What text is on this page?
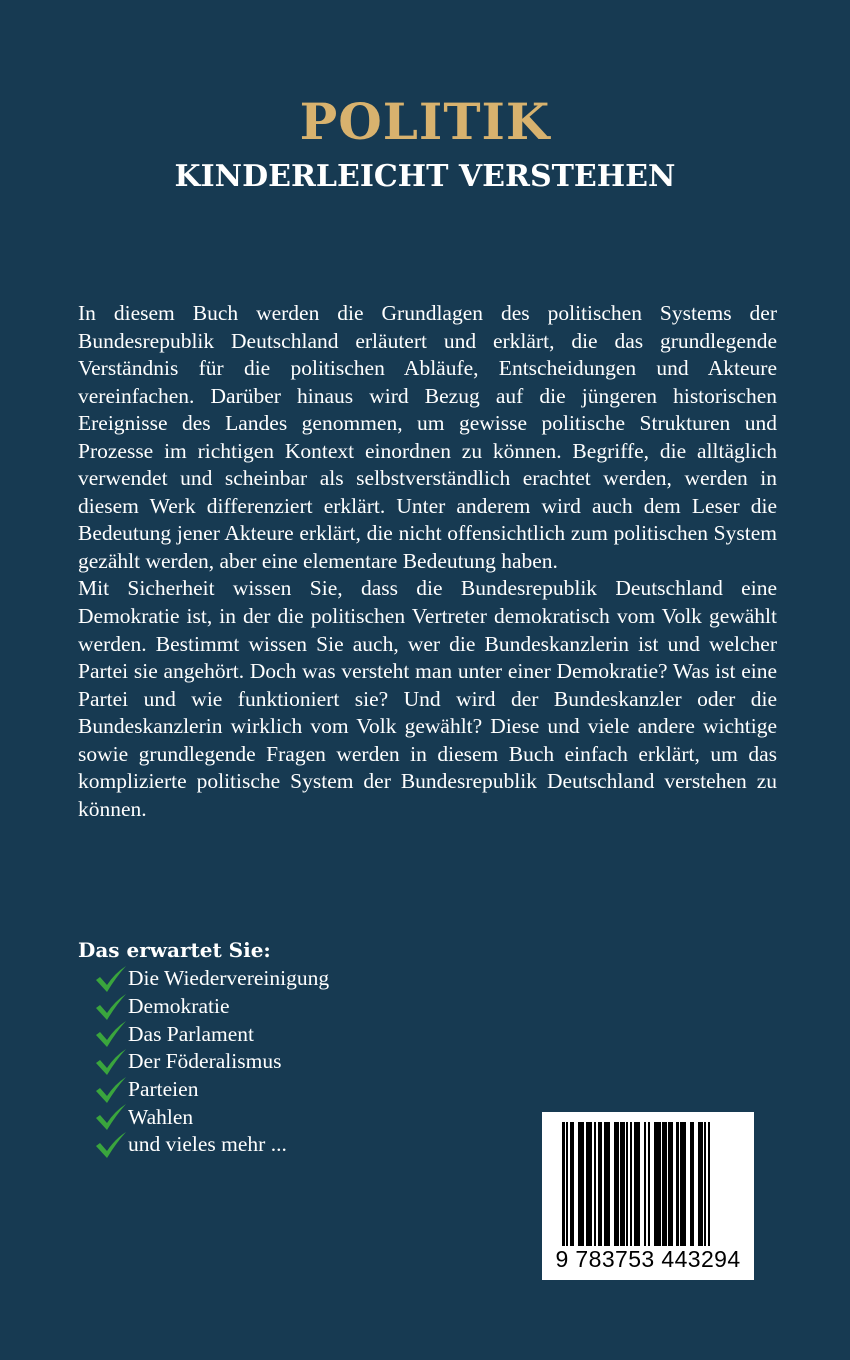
POLITIK
KINDERLEICHT VERSTEHEN

In diesem Buch werden die Grundlagen des politischen Systems der Bundesrepublik Deutschland erläutert und erklärt, die das grundlegende Verständnis für die politischen Abläufe, Entscheidungen und Akteure vereinfachen. Darüber hinaus wird Bezug auf die jüngeren historischen Ereignisse des Landes genommen, um gewisse politische Strukturen und Prozesse im richtigen Kontext einordnen zu können. Begriffe, die alltäglich verwendet und scheinbar als selbstverständlich erachtet werden, werden in diesem Werk differenziert erklärt. Unter anderem wird auch dem Leser die Bedeutung jener Akteure erklärt, die nicht offensichtlich zum politischen System gezählt werden, aber eine elementare Bedeutung haben.

Mit Sicherheit wissen Sie, dass die Bundesrepublik Deutschland eine Demokratie ist, in der die politischen Vertreter demokratisch vom Volk gewählt werden. Bestimmt wissen Sie auch, wer die Bundeskanzlerin ist und welcher Partei sie angehört. Doch was versteht man unter einer Demokratie? Was ist eine Partei und wie funktioniert sie? Und wird der Bundeskanzler oder die Bundeskanzlerin wirklich vom Volk gewählt? Diese und viele andere wichtige sowie grundlegende Fragen werden in diesem Buch einfach erklärt, um das komplizierte politische System der Bundesrepublik Deutschland verstehen zu können.

Das erwartet Sie:
Die Wiedervereinigung
Demokratie
Das Parlament
Der Föderalismus
Parteien
Wahlen
und vieles mehr ...
9 783753 443294
